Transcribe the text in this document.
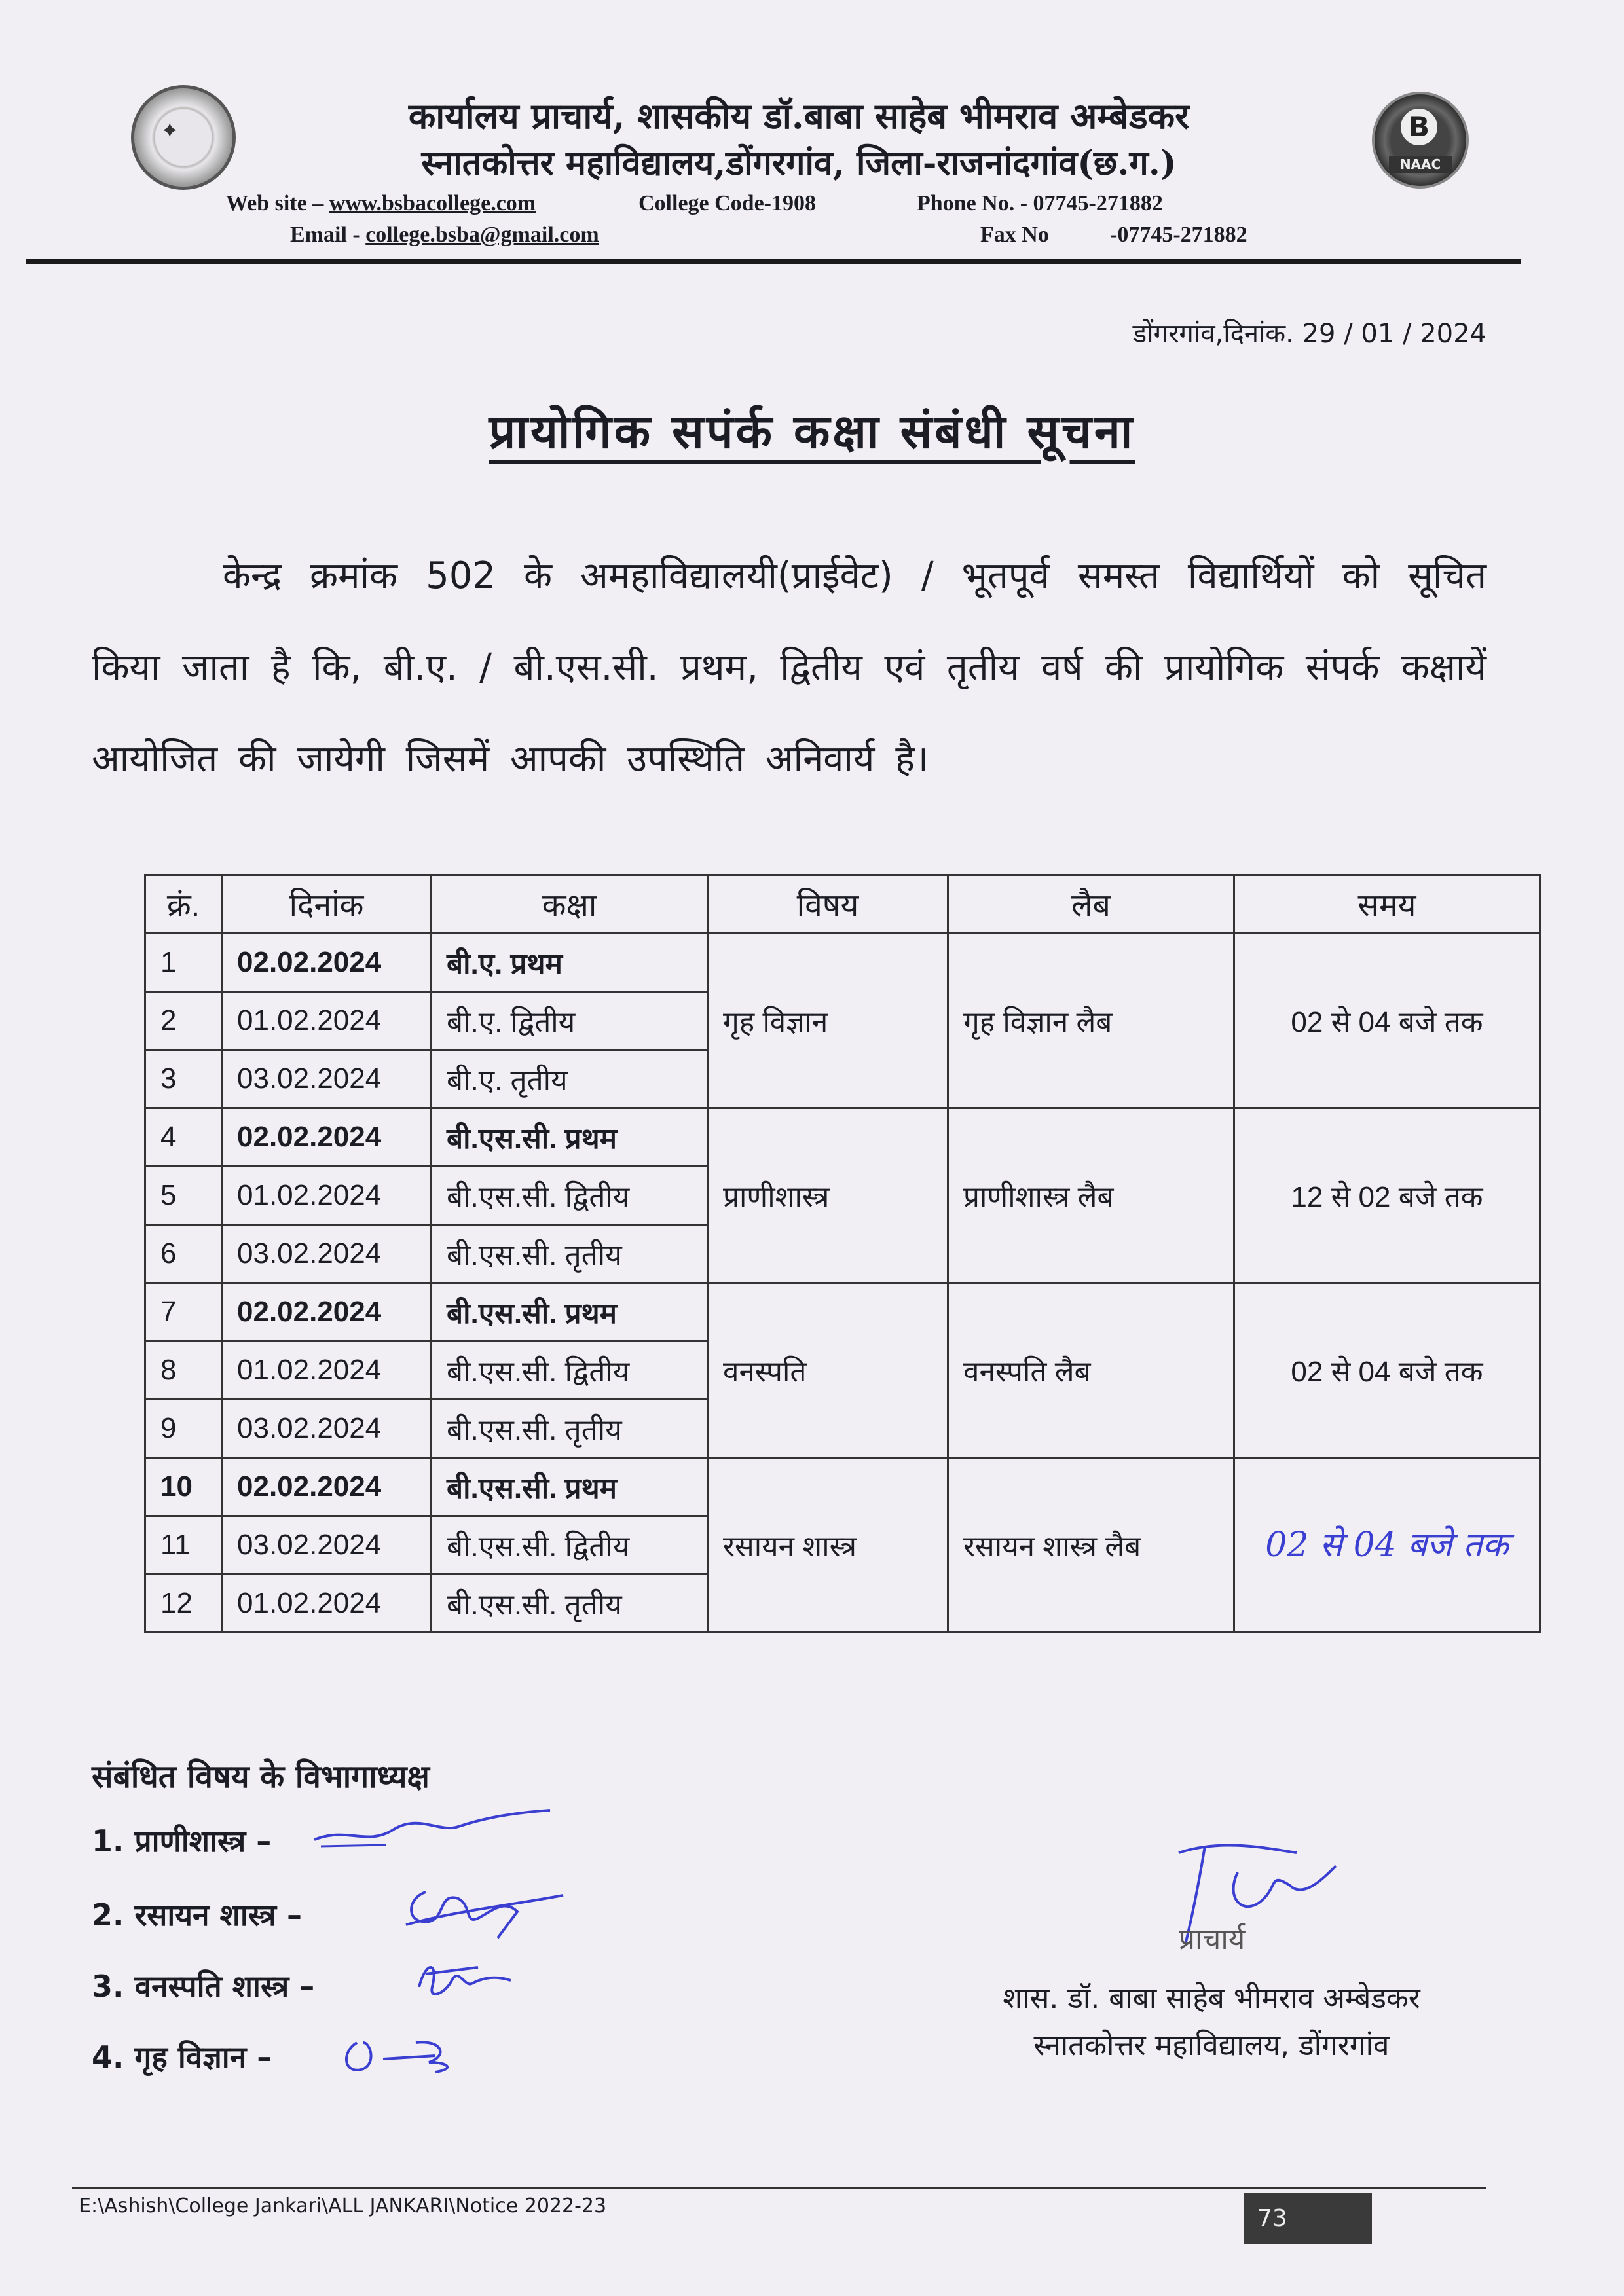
✦	B
NAAC
कार्यालय प्राचार्य, शासकीय डॉ.बाबा साहेब भीमराव अम्बेडकर
स्नातकोत्तर महाविद्यालय,डोंगरगांव, जिला-राजनांदगांव(छ.ग.)
Web site – www.bsbacollege.com	College Code-1908	Phone No. - 07745-271882
Email - college.bsba@gmail.com	Fax No	-07745-271882
डोंगरगांव,दिनांक. 29 / 01 / 2024
प्रायोगिक सपंर्क कक्षा संबंधी सूचना
केन्द्र क्रमांक 502 के अमहाविद्यालयी(प्राईवेट) / भूतपूर्व समस्त विद्यार्थियों को सूचित किया जाता है कि, बी.ए. / बी.एस.सी. प्रथम, द्वितीय एवं तृतीय वर्ष की प्रायोगिक संपर्क कक्षायें आयोजित की जायेगी जिसमें आपकी उपस्थिति अनिवार्य है।
क्रं.	दिनांक	कक्षा	विषय	लैब	समय
1	02.02.2024	बी.ए. प्रथम	गृह विज्ञान	गृह विज्ञान लैब	02 से 04 बजे तक
2	01.02.2024	बी.ए. द्वितीय			
3	03.02.2024	बी.ए. तृतीय			
4	02.02.2024	बी.एस.सी. प्रथम	प्राणीशास्त्र	प्राणीशास्त्र लैब	12 से 02 बजे तक
5	01.02.2024	बी.एस.सी. द्वितीय			
6	03.02.2024	बी.एस.सी. तृतीय			
7	02.02.2024	बी.एस.सी. प्रथम	वनस्पति	वनस्पति लैब	02 से 04 बजे तक
8	01.02.2024	बी.एस.सी. द्वितीय			
9	03.02.2024	बी.एस.सी. तृतीय			
10	02.02.2024	बी.एस.सी. प्रथम	रसायन शास्त्र	रसायन शास्त्र लैब	02 से 04 बजे तक
11	03.02.2024	बी.एस.सी. द्वितीय			
12	01.02.2024	बी.एस.सी. तृतीय			
संबंधित विषय के विभागाध्यक्ष
1. प्राणीशास्त्र –
2. रसायन शास्त्र –
3. वनस्पति शास्त्र –
4. गृह विज्ञान –
प्राचार्य
शास. डॉ. बाबा साहेब भीमराव अम्बेडकर
स्नातकोत्तर महाविद्यालय, डोंगरगांव
E:\Ashish\College Jankari\ALL JANKARI\Notice 2022-23	73
